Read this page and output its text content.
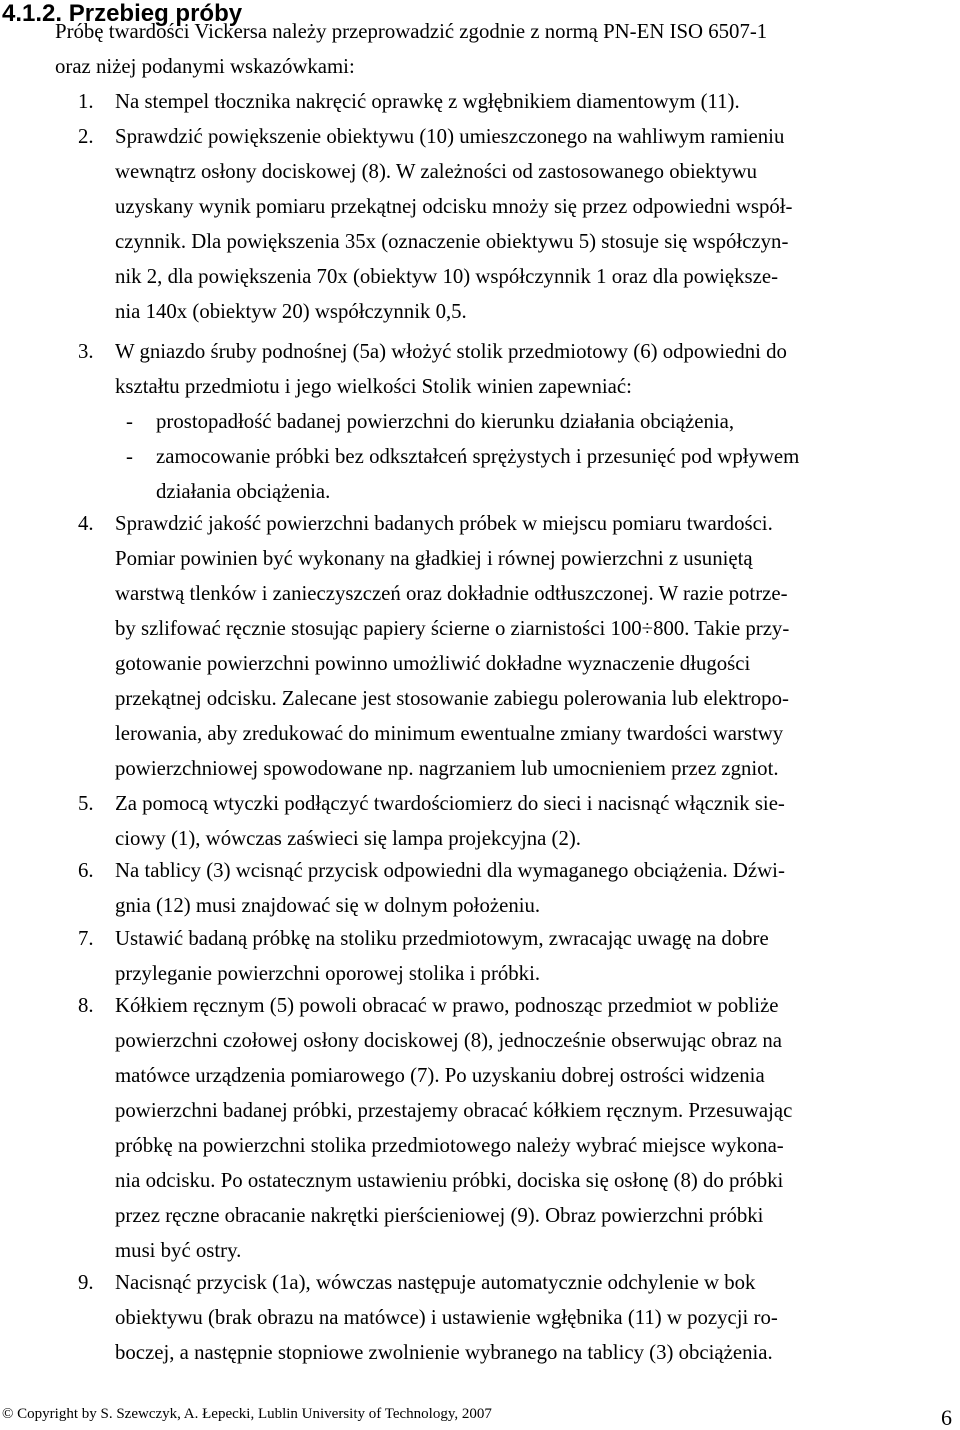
4.1.2. Przebieg próby
Próbę twardości Vickersa należy przeprowadzić zgodnie z normą PN-EN ISO 6507-1
oraz niżej podanymi wskazówkami:
1. Na stempel tłocznika nakręcić oprawkę z wgłębnikiem diamentowym (11).
2. Sprawdzić powiększenie obiektywu (10) umieszczonego na wahliwym ramieniu
wewnątrz osłony dociskowej (8). W zależności od zastosowanego obiektywu
uzyskany wynik pomiaru przekątnej odcisku mnoży się przez odpowiedni współ-
czynnik. Dla powiększenia 35x (oznaczenie obiektywu 5) stosuje się współczyn-
nik 2, dla powiększenia 70x (obiektyw 10) współczynnik 1 oraz dla powiększe-
nia 140x (obiektyw 20) współczynnik 0,5.
3. W gniazdo śruby podnośnej (5a) włożyć stolik przedmiotowy (6) odpowiedni do
kształtu przedmiotu i jego wielkości Stolik winien zapewniać:
- prostopadłość badanej powierzchni do kierunku działania obciążenia,
- zamocowanie próbki bez odkształceń sprężystych i przesunięć pod wpływem
działania obciążenia.
4. Sprawdzić jakość powierzchni badanych próbek w miejscu pomiaru twardości.
Pomiar powinien być wykonany na gładkiej i równej powierzchni z usuniętą
warstwą tlenków i zanieczyszczeń oraz dokładnie odtłuszczonej. W razie potrze-
by szlifować ręcznie stosując papiery ścierne o ziarnistości 100÷800. Takie przy-
gotowanie powierzchni powinno umożliwić dokładne wyznaczenie długości
przekątnej odcisku. Zalecane jest stosowanie zabiegu polerowania lub elektropo-
lerowania, aby zredukować do minimum ewentualne zmiany twardości warstwy
powierzchniowej spowodowane np. nagrzaniem lub umocnieniem przez zgniot.
5. Za pomocą wtyczki podłączyć twardościomierz do sieci i nacisnąć włącznik sie-
ciowy (1), wówczas zaświeci się lampa projekcyjna (2).
6. Na tablicy (3) wcisnąć przycisk odpowiedni dla wymaganego obciążenia. Dźwi-
gnia (12) musi znajdować się w dolnym położeniu.
7. Ustawić badaną próbkę na stoliku przedmiotowym, zwracając uwagę na dobre
przyleganie powierzchni oporowej stolika i próbki.
8. Kółkiem ręcznym (5) powoli obracać w prawo, podnosząc przedmiot w pobliże
powierzchni czołowej osłony dociskowej (8), jednocześnie obserwując obraz na
matówce urządzenia pomiarowego (7). Po uzyskaniu dobrej ostrości widzenia
powierzchni badanej próbki, przestajemy obracać kółkiem ręcznym. Przesuwając
próbkę na powierzchni stolika przedmiotowego należy wybrać miejsce wykona-
nia odcisku. Po ostatecznym ustawieniu próbki, dociska się osłonę (8) do próbki
przez ręczne obracanie nakrętki pierścieniowej (9). Obraz powierzchni próbki
musi być ostry.
9. Nacisnąć przycisk (1a), wówczas następuje automatycznie odchylenie w bok
obiektywu (brak obrazu na matówce) i ustawienie wgłębnika (11) w pozycji ro-
boczej, a następnie stopniowe zwolnienie wybranego na tablicy (3) obciążenia.
© Copyright by S. Szewczyk, A. Łepecki, Lublin University of Technology, 2007	6
